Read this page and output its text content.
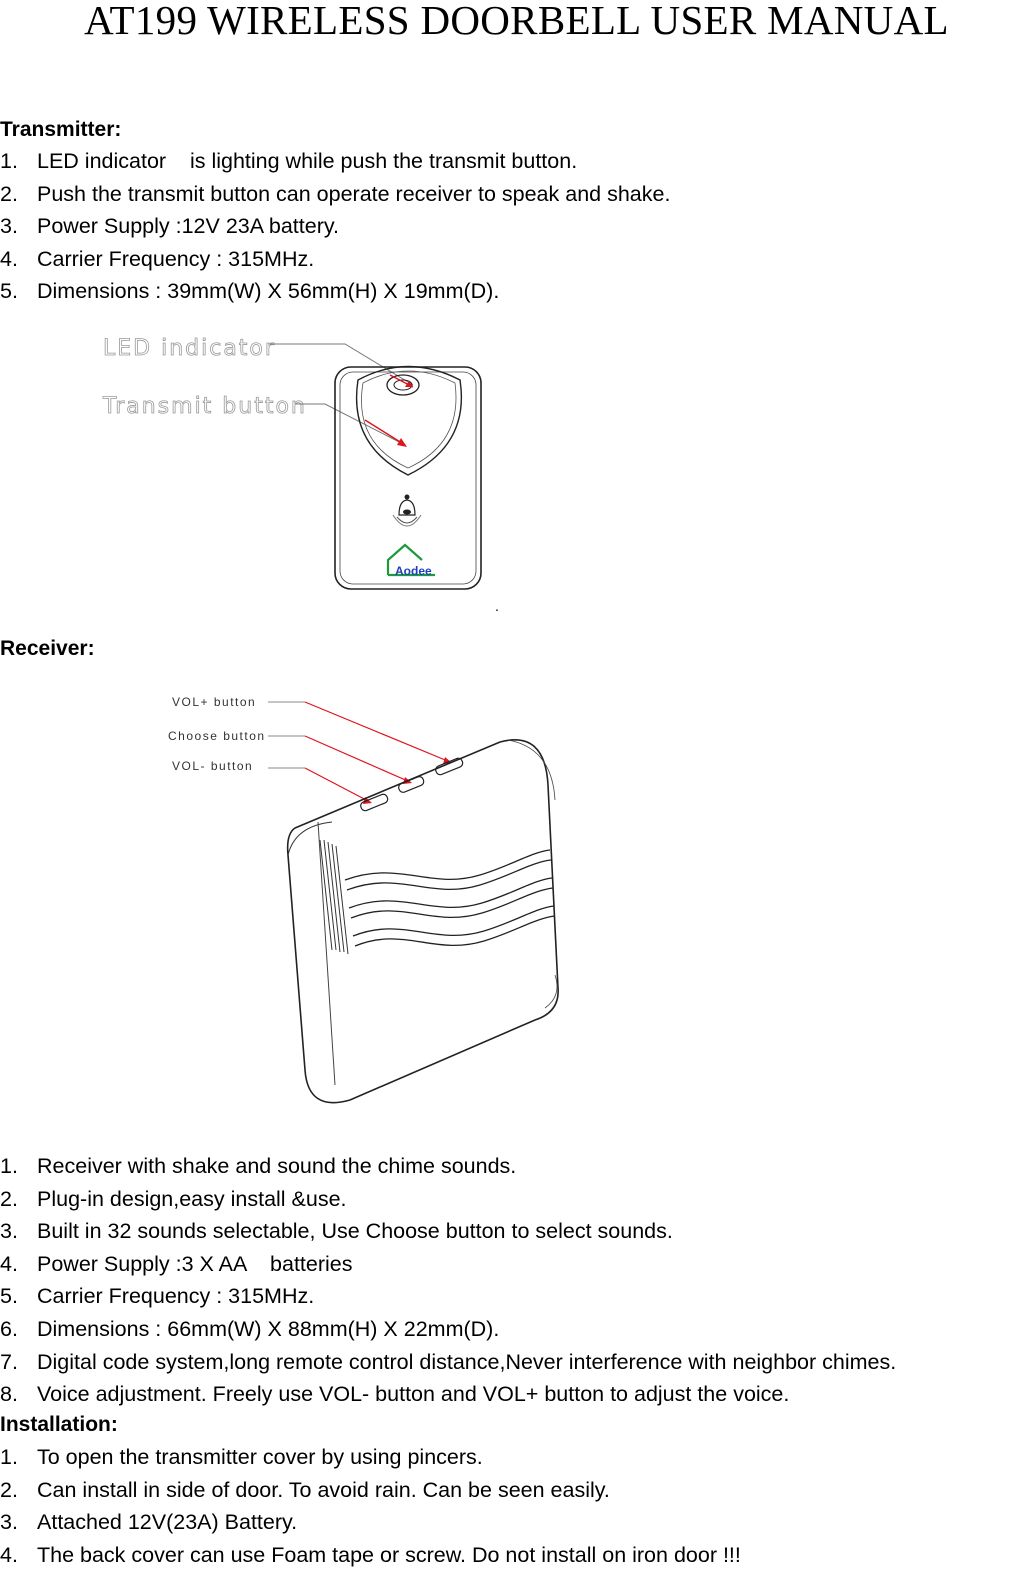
AT199 WIRELESS DOORBELL USER MANUAL
Transmitter:
1. LED indicator    is lighting while push the transmit button.
2. Push the transmit button can operate receiver to speak and shake.
3. Power Supply :12V 23A battery.
4. Carrier Frequency : 315MHz.
5. Dimensions : 39mm(W) X 56mm(H) X 19mm(D).
LED indicator
Transmit button
Aodee
.
Receiver:
VOL+ button
Choose button
VOL- button
1. Receiver with shake and sound the chime sounds.
2. Plug-in design,easy install &use.
3. Built in 32 sounds selectable, Use Choose button to select sounds.
4. Power Supply :3 X AA    batteries
5. Carrier Frequency : 315MHz.
6. Dimensions : 66mm(W) X 88mm(H) X 22mm(D).
7. Digital code system,long remote control distance,Never interference with neighbor chimes.
8. Voice adjustment. Freely use VOL- button and VOL+ button to adjust the voice.
Installation:
1. To open the transmitter cover by using pincers.
2. Can install in side of door. To avoid rain. Can be seen easily.
3. Attached 12V(23A) Battery.
4. The back cover can use Foam tape or screw. Do not install on iron door !!!
